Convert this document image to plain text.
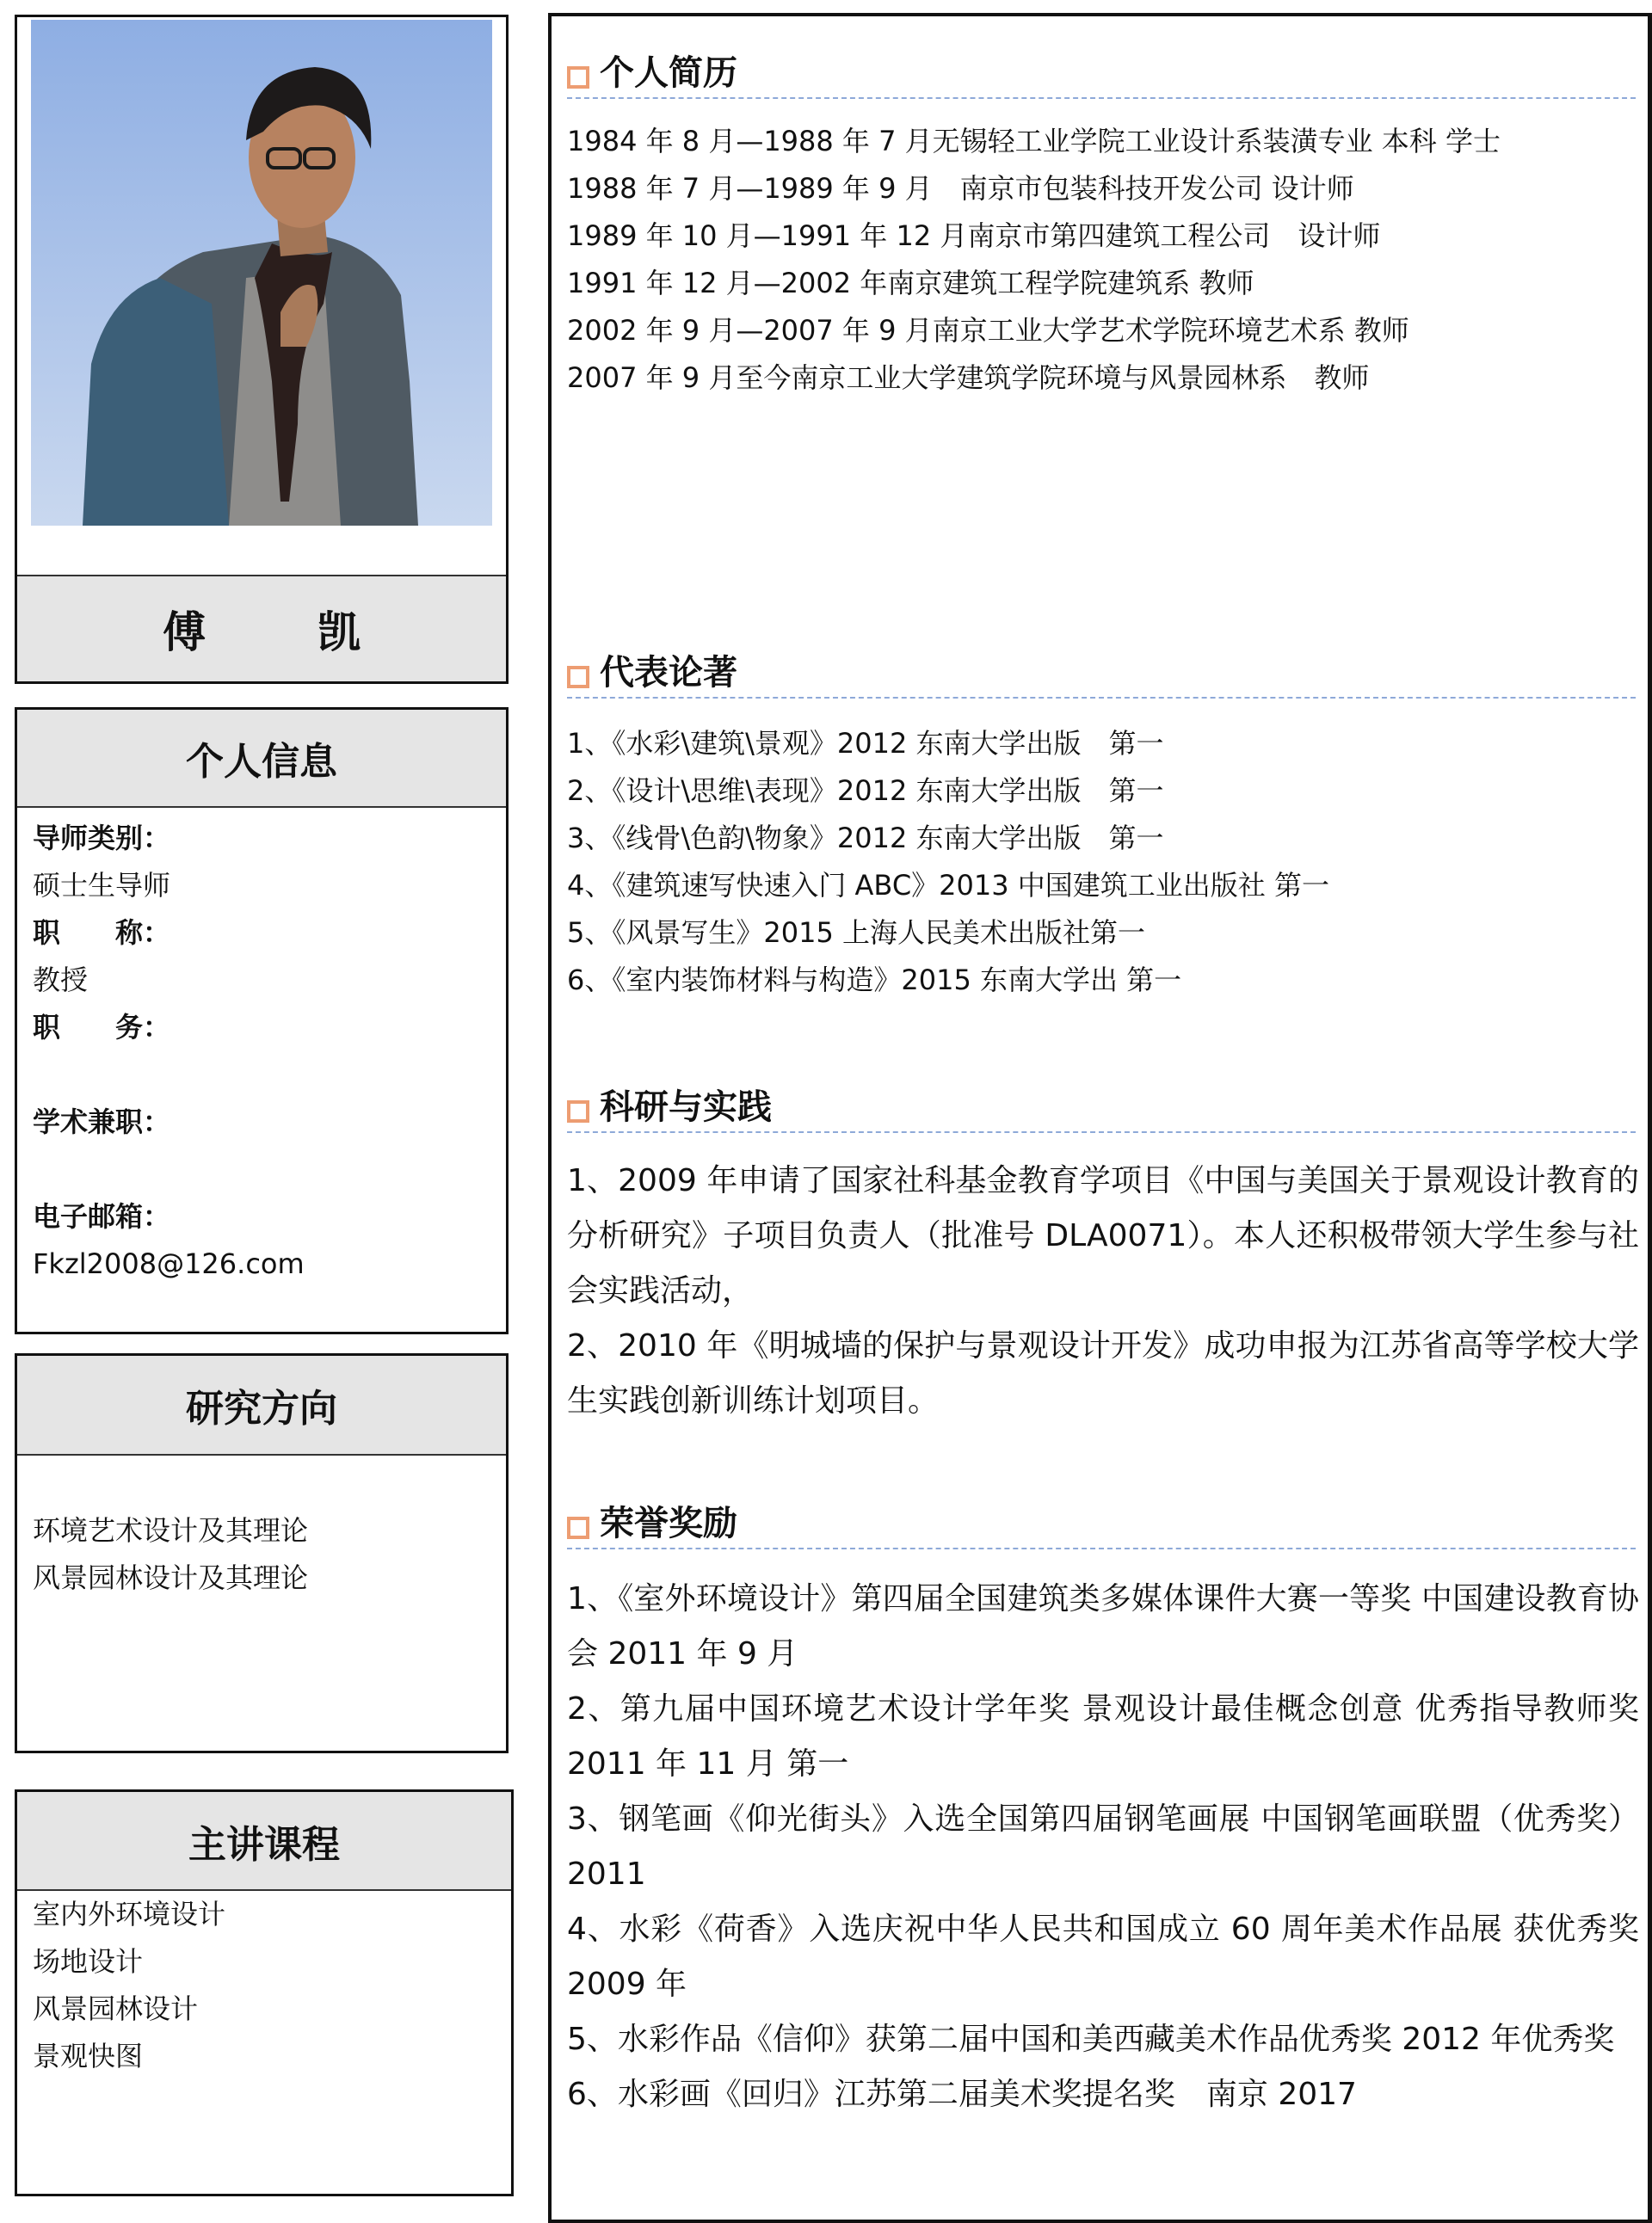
傅　凯
个人信息
导师类别：
硕士生导师
职　　称：
教授
职　　务：
学术兼职：
电子邮箱：
Fkzl2008@126.com
研究方向
环境艺术设计及其理论
风景园林设计及其理论
主讲课程
室内外环境设计
场地设计
风景园林设计
景观快图
个人简历
1984 年 8 月—1988 年 7 月无锡轻工业学院工业设计系装潢专业 本科 学士
1988 年 7 月—1989 年 9 月　南京市包装科技开发公司 设计师
1989 年 10 月—1991 年 12 月南京市第四建筑工程公司　设计师
1991 年 12 月—2002 年南京建筑工程学院建筑系 教师
2002 年 9 月—2007 年 9 月南京工业大学艺术学院环境艺术系 教师
2007 年 9 月至今南京工业大学建筑学院环境与风景园林系　教师
代表论著
1、《水彩\建筑\景观》2012 东南大学出版　第一
2、《设计\思维\表现》2012 东南大学出版　第一
3、《线骨\色韵\物象》2012 东南大学出版　第一
4、《建筑速写快速入门 ABC》2013 中国建筑工业出版社 第一
5、《风景写生》2015 上海人民美术出版社第一
6、《室内装饰材料与构造》2015 东南大学出 第一
科研与实践
1、2009 年申请了国家社科基金教育学项目《中国与美国关于景观设计教育的分析研究》子项目负责人（批准号 DLA0071）。本人还积极带领大学生参与社会实践活动，
2、2010 年《明城墙的保护与景观设计开发》成功申报为江苏省高等学校大学生实践创新训练计划项目。
荣誉奖励
1、《室外环境设计》第四届全国建筑类多媒体课件大赛一等奖 中国建设教育协会 2011 年 9 月
2、第九届中国环境艺术设计学年奖 景观设计最佳概念创意 优秀指导教师奖 2011 年 11 月 第一
3、钢笔画《仰光街头》入选全国第四届钢笔画展 中国钢笔画联盟（优秀奖）2011
4、水彩《荷香》入选庆祝中华人民共和国成立 60 周年美术作品展 获优秀奖 2009 年
5、水彩作品《信仰》获第二届中国和美西藏美术作品优秀奖 2012 年优秀奖
6、水彩画《回归》江苏第二届美术奖提名奖　南京 2017
